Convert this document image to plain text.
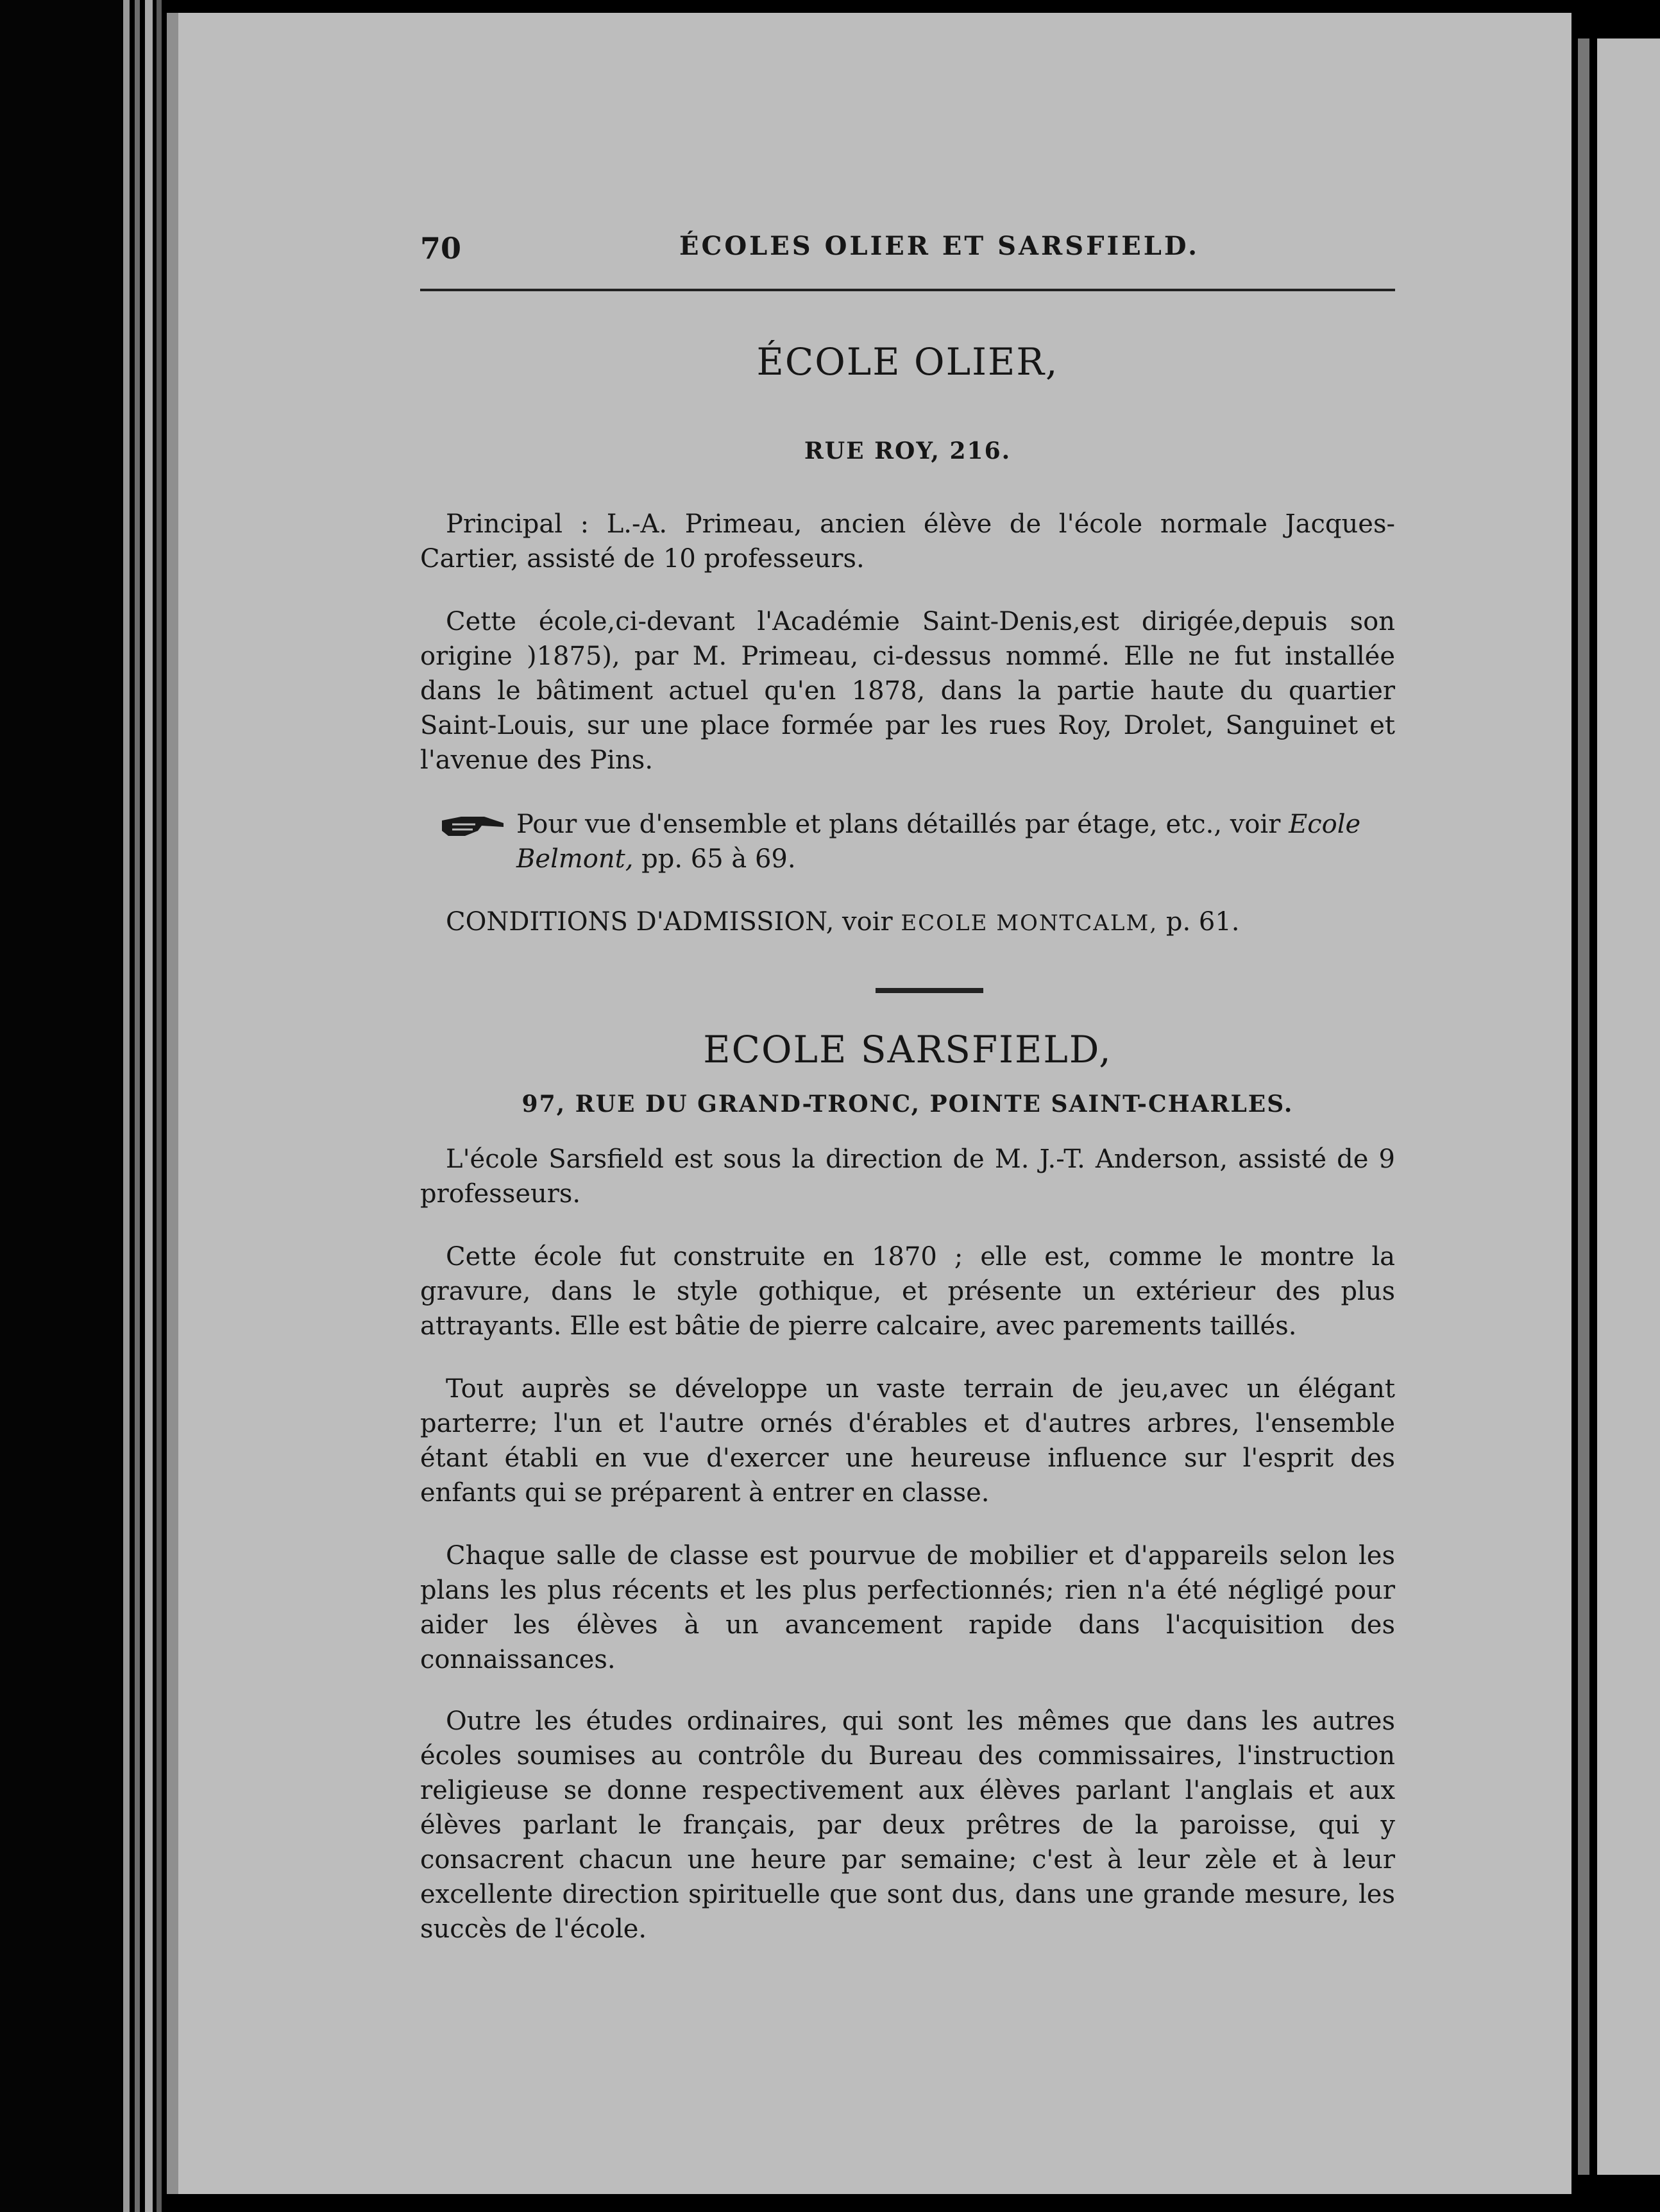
70	ÉCOLES OLIER ET SARSFIELD.
ÉCOLE OLIER,
RUE ROY, 216.
Principal : L.-A. Primeau, ancien élève de l'école normale Jacques-Cartier, assisté de 10 professeurs.
Cette école,ci-devant l'Académie Saint-Denis,est dirigée,depuis son origine )1875), par M. Primeau, ci-dessus nommé. Elle ne fut installée dans le bâtiment actuel qu'en 1878, dans la partie haute du quartier Saint-Louis, sur une place formée par les rues Roy, Drolet, Sanguinet et l'avenue des Pins.
Pour vue d'ensemble et plans détaillés par étage, etc., voir Ecole Belmont, pp. 65 à 69.
CONDITIONS D'ADMISSION, voir ECOLE MONTCALM, p. 61.
ECOLE SARSFIELD,
97, RUE DU GRAND-TRONC, POINTE SAINT-CHARLES.
L'école Sarsfield est sous la direction de M. J.-T. Anderson, assisté de 9 professeurs.
Cette école fut construite en 1870 ; elle est, comme le montre la gravure, dans le style gothique, et présente un extérieur des plus attrayants. Elle est bâtie de pierre calcaire, avec parements taillés.
Tout auprès se développe un vaste terrain de jeu,avec un élégant parterre; l'un et l'autre ornés d'érables et d'autres arbres, l'ensemble étant établi en vue d'exercer une heureuse influence sur l'esprit des enfants qui se préparent à entrer en classe.
Chaque salle de classe est pourvue de mobilier et d'appareils selon les plans les plus récents et les plus perfectionnés; rien n'a été négligé pour aider les élèves à un avancement rapide dans l'acquisition des connaissances.
Outre les études ordinaires, qui sont les mêmes que dans les autres écoles soumises au contrôle du Bureau des commissaires, l'instruction religieuse se donne respectivement aux élèves parlant l'anglais et aux élèves parlant le français, par deux prêtres de la paroisse, qui y consacrent chacun une heure par semaine; c'est à leur zèle et à leur excellente direction spirituelle que sont dus, dans une grande mesure, les succès de l'école.
